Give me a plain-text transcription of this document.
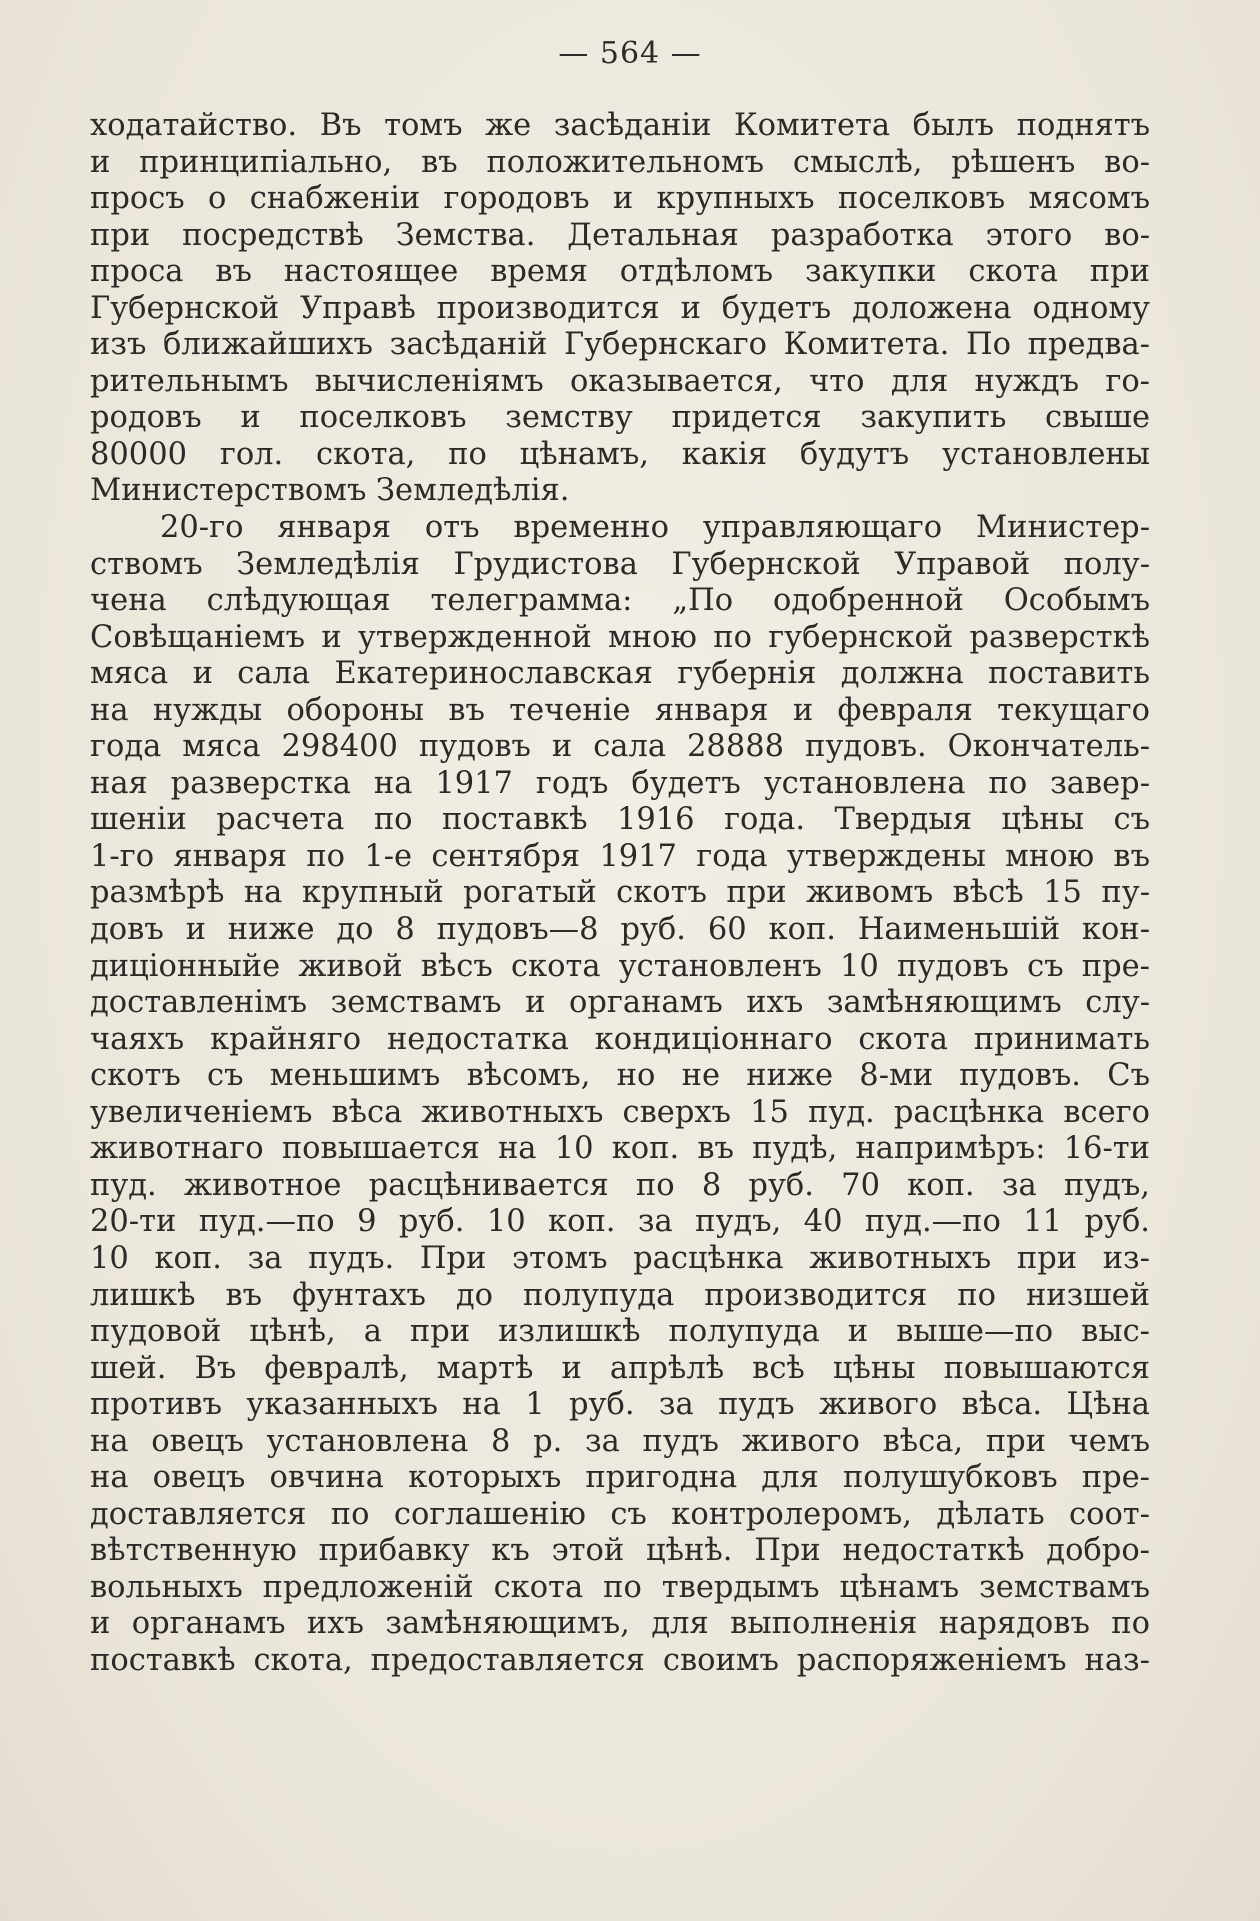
— 564 —
ходатайство. Въ томъ же засѣданіи Комитета былъ поднятъ
и принципіально, въ положительномъ смыслѣ, рѣшенъ во-
просъ о снабженіи городовъ и крупныхъ поселковъ мясомъ
при посредствѣ Земства. Детальная разработка этого во-
проса въ настоящее время отдѣломъ закупки скота при
Губернской Управѣ производится и будетъ доложена одному
изъ ближайшихъ засѣданій Губернскаго Комитета. По предва-
рительнымъ вычисленіямъ оказывается, что для нуждъ го-
родовъ и поселковъ земству придется закупить свыше
80000 гол. скота, по цѣнамъ, какія будутъ установлены
Министерствомъ Земледѣлія.
20-го января отъ временно управляющаго Министер-
ствомъ Земледѣлія Грудистова Губернской Управой полу-
чена слѣдующая телеграмма: „По одобренной Особымъ
Совѣщаніемъ и утвержденной мною по губернской разверсткѣ
мяса и сала Екатеринославская губернія должна поставить
на нужды обороны въ теченіе января и февраля текущаго
года мяса 298400 пудовъ и сала 28888 пудовъ. Окончатель-
ная разверстка на 1917 годъ будетъ установлена по завер-
шеніи расчета по поставкѣ 1916 года. Твердыя цѣны съ
1-го января по 1-е сентября 1917 года утверждены мною въ
размѣрѣ на крупный рогатый скотъ при живомъ вѣсѣ 15 пу-
довъ и ниже до 8 пудовъ—8 руб. 60 коп. Наименьшій кон-
диціонныйе живой вѣсъ скота установленъ 10 пудовъ съ пре-
доставленімъ земствамъ и органамъ ихъ замѣняющимъ слу-
чаяхъ крайняго недостатка кондиціоннаго скота принимать
скотъ съ меньшимъ вѣсомъ, но не ниже 8-ми пудовъ. Съ
увеличеніемъ вѣса животныхъ сверхъ 15 пуд. расцѣнка всего
животнаго повышается на 10 коп. въ пудѣ, напримѣръ: 16-ти
пуд. животное расцѣнивается по 8 руб. 70 коп. за пудъ,
20-ти пуд.—по 9 руб. 10 коп. за пудъ, 40 пуд.—по 11 руб.
10 коп. за пудъ. При этомъ расцѣнка животныхъ при из-
лишкѣ въ фунтахъ до полупуда производится по низшей
пудовой цѣнѣ, а при излишкѣ полупуда и выше—по выс-
шей. Въ февралѣ, мартѣ и апрѣлѣ всѣ цѣны повышаются
противъ указанныхъ на 1 руб. за пудъ живого вѣса. Цѣна
на овецъ установлена 8 р. за пудъ живого вѣса, при чемъ
на овецъ овчина которыхъ пригодна для полушубковъ пре-
доставляется по соглашенію съ контролеромъ, дѣлать соот-
вѣтственную прибавку къ этой цѣнѣ. При недостаткѣ добро-
вольныхъ предложеній скота по твердымъ цѣнамъ земствамъ
и органамъ ихъ замѣняющимъ, для выполненія нарядовъ по
поставкѣ скота, предоставляется своимъ распоряженіемъ наз-
